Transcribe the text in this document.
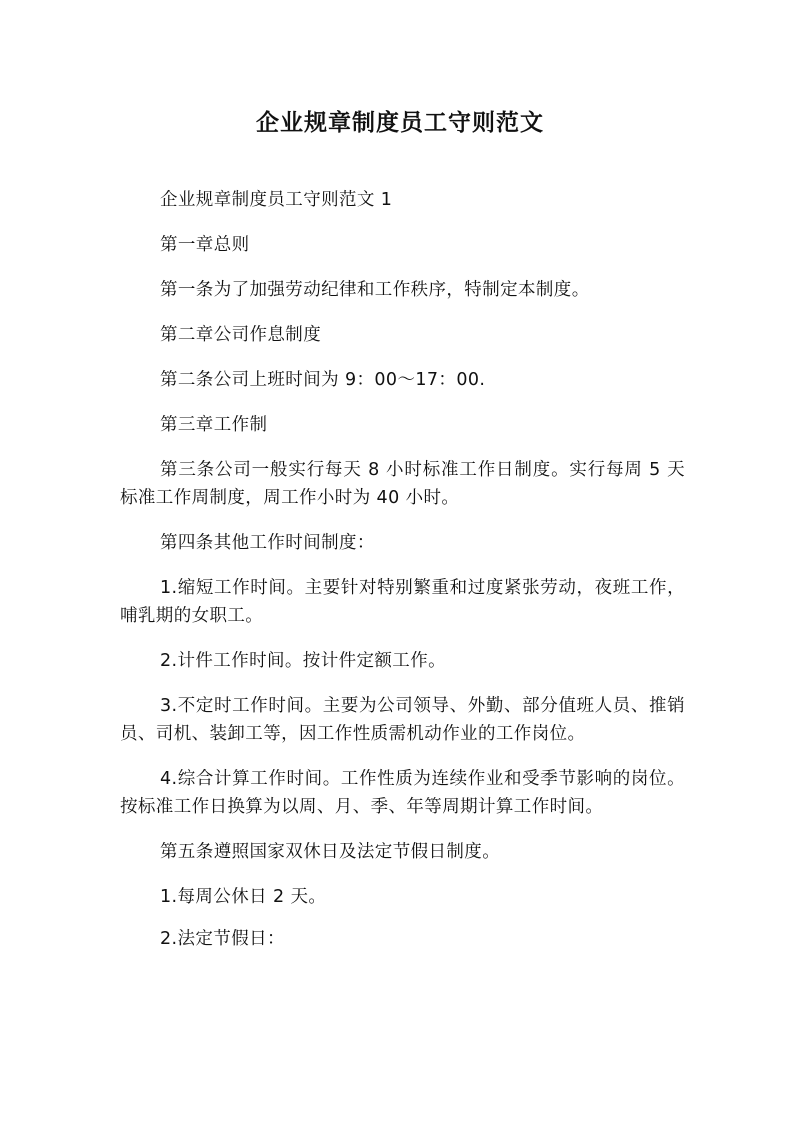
企业规章制度员工守则范文

企业规章制度员工守则范文 1

第一章总则

第一条为了加强劳动纪律和工作秩序，特制定本制度。

第二章公司作息制度

第二条公司上班时间为 9：00～17：00.

第三章工作制

第三条公司一般实行每天 8 小时标准工作日制度。实行每周 5 天标准工作周制度，周工作小时为 40 小时。

第四条其他工作时间制度：

1.缩短工作时间。主要针对特别繁重和过度紧张劳动，夜班工作，哺乳期的女职工。

2.计件工作时间。按计件定额工作。

3.不定时工作时间。主要为公司领导、外勤、部分值班人员、推销员、司机、装卸工等，因工作性质需机动作业的工作岗位。

4.综合计算工作时间。工作性质为连续作业和受季节影响的岗位。按标准工作日换算为以周、月、季、年等周期计算工作时间。

第五条遵照国家双休日及法定节假日制度。

1.每周公休日 2 天。

2.法定节假日：
